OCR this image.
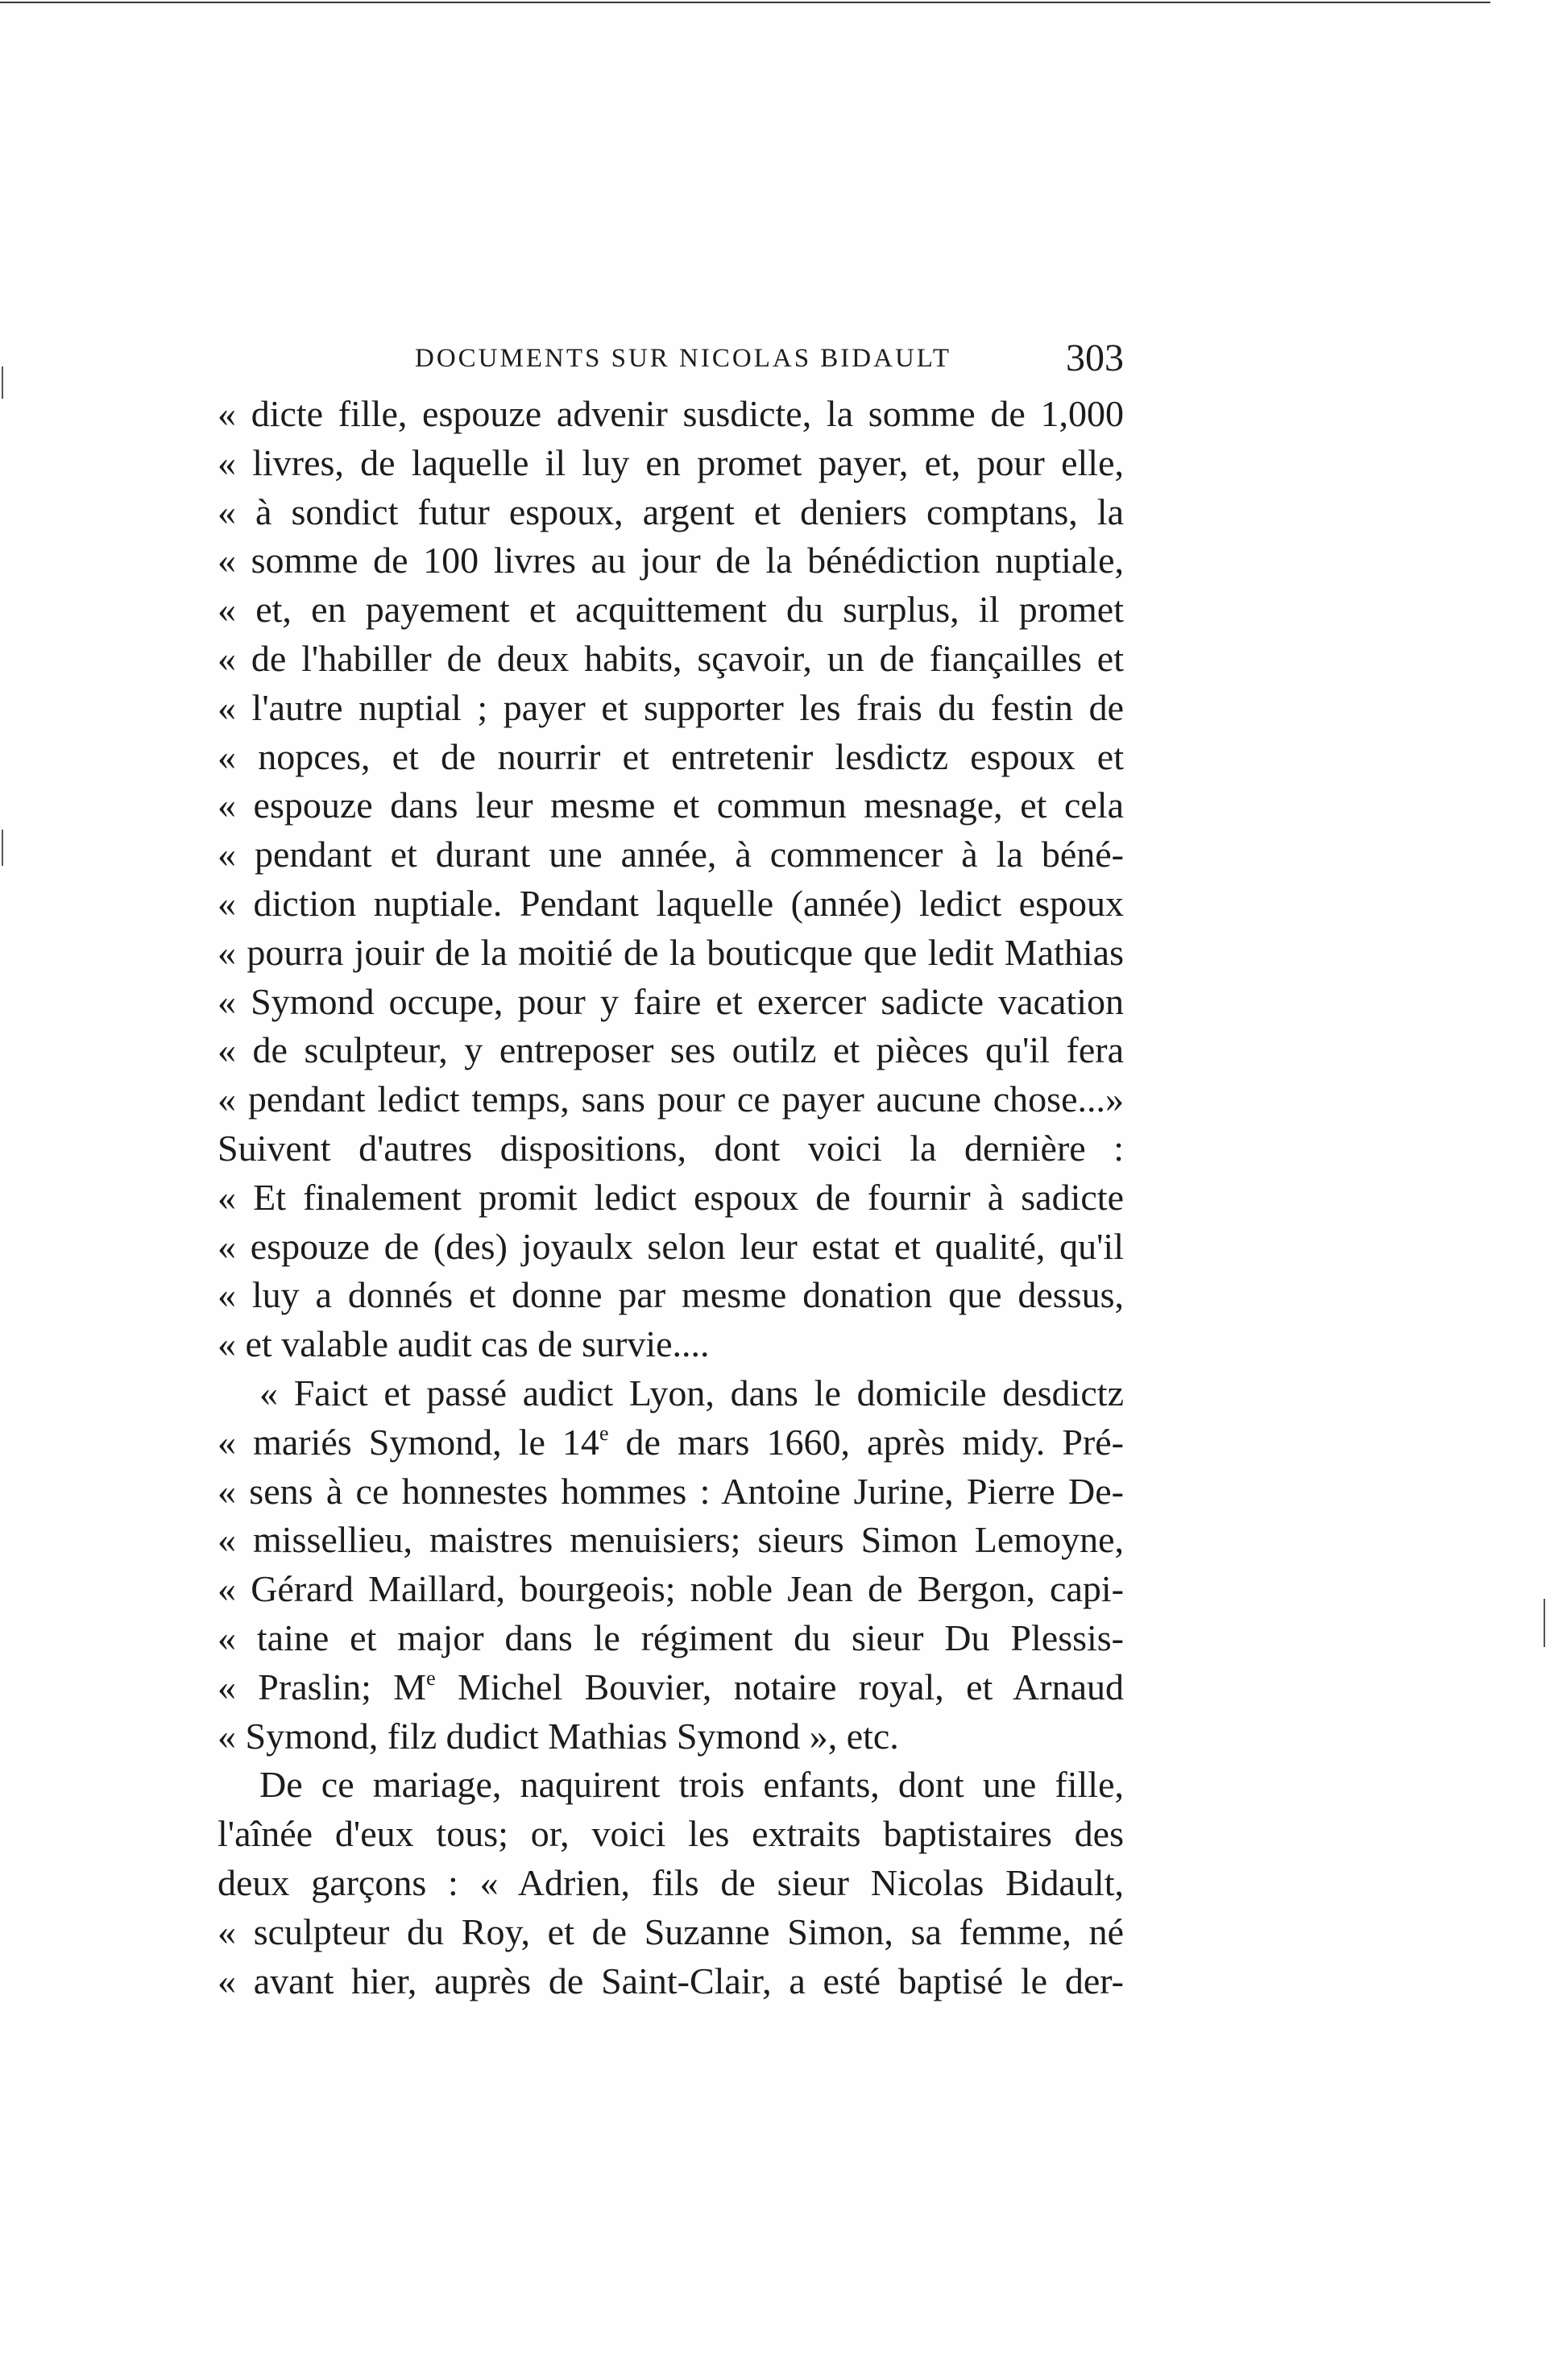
DOCUMENTS SUR NICOLAS BIDAULT	303
« dicte fille, espouze advenir susdicte, la somme de 1,000
« livres, de laquelle il luy en promet payer, et, pour elle,
« à sondict futur espoux, argent et deniers comptans, la
« somme de 100 livres au jour de la bénédiction nuptiale,
« et, en payement et acquittement du surplus, il promet
« de l'habiller de deux habits, sçavoir, un de fiançailles et
« l'autre nuptial ; payer et supporter les frais du festin de
« nopces, et de nourrir et entretenir lesdictz espoux et
« espouze dans leur mesme et commun mesnage, et cela
« pendant et durant une année, à commencer à la béné-
« diction nuptiale. Pendant laquelle (année) ledict espoux
« pourra jouir de la moitié de la bouticque que ledit Mathias
« Symond occupe, pour y faire et exercer sadicte vacation
« de sculpteur, y entreposer ses outilz et pièces qu'il fera
« pendant ledict temps, sans pour ce payer aucune chose...»
Suivent d'autres dispositions, dont voici la dernière :
« Et finalement promit ledict espoux de fournir à sadicte
« espouze de (des) joyaulx selon leur estat et qualité, qu'il
« luy a donnés et donne par mesme donation que dessus,
« et valable audit cas de survie....
« Faict et passé audict Lyon, dans le domicile desdictz
« mariés Symond, le 14e de mars 1660, après midy. Pré-
« sens à ce honnestes hommes : Antoine Jurine, Pierre De-
« missellieu, maistres menuisiers; sieurs Simon Lemoyne,
« Gérard Maillard, bourgeois; noble Jean de Bergon, capi-
« taine et major dans le régiment du sieur Du Plessis-
« Praslin; Me Michel Bouvier, notaire royal, et Arnaud
« Symond, filz dudict Mathias Symond », etc.
De ce mariage, naquirent trois enfants, dont une fille,
l'aînée d'eux tous; or, voici les extraits baptistaires des
deux garçons : « Adrien, fils de sieur Nicolas Bidault,
« sculpteur du Roy, et de Suzanne Simon, sa femme, né
« avant hier, auprès de Saint-Clair, a esté baptisé le der-
